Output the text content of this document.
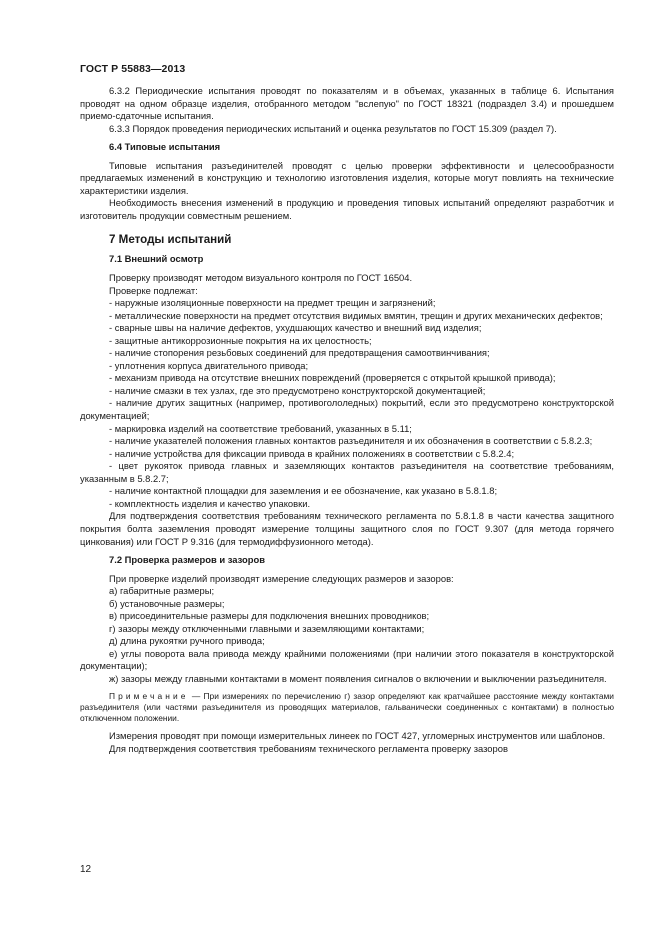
ГОСТ Р 55883—2013

6.3.2 Периодические испытания проводят по показателям и в объемах, указанных в таблице 6. Испытания проводят на одном образце изделия, отобранного методом "вслепую" по ГОСТ 18321 (подраздел 3.4) и прошедшем приемо-сдаточные испытания.

6.3.3 Порядок проведения периодических испытаний и оценка результатов по ГОСТ 15.309 (раздел 7).

6.4 Типовые испытания

Типовые испытания разъединителей проводят с целью проверки эффективности и целесообразности предлагаемых изменений в конструкцию и технологию изготовления изделия, которые могут повлиять на технические характеристики изделия.

Необходимость внесения изменений в продукцию и проведения типовых испытаний определяют разработчик и изготовитель продукции совместным решением.

7 Методы испытаний

7.1 Внешний осмотр

Проверку производят методом визуального контроля по ГОСТ 16504.

Проверке подлежат:

- наружные изоляционные поверхности на предмет трещин и загрязнений;

- металлические поверхности на предмет отсутствия видимых вмятин, трещин и других механических дефектов;

- сварные швы на наличие дефектов, ухудшающих качество и внешний вид изделия;

- защитные антикоррозионные покрытия на их целостность;

- наличие стопорения резьбовых соединений для предотвращения самоотвинчивания;

- уплотнения корпуса двигательного привода;

- механизм привода на отсутствие внешних повреждений (проверяется с открытой крышкой привода);

- наличие смазки в тех узлах, где это предусмотрено конструкторской документацией;

- наличие других защитных (например, противогололедных) покрытий, если это предусмотрено конструкторской документацией;

- маркировка изделий на соответствие требований, указанных в 5.11;

- наличие указателей положения главных контактов разъединителя и их обозначения в соответствии с 5.8.2.3;

- наличие устройства для фиксации привода в крайних положениях в соответствии с 5.8.2.4;

- цвет рукояток привода главных и заземляющих контактов разъединителя на соответствие требованиям, указанным в 5.8.2.7;

- наличие контактной площадки для заземления и ее обозначение, как указано в 5.8.1.8;

- комплектность изделия и качество упаковки.

Для подтверждения соответствия требованиям технического регламента по 5.8.1.8 в части качества защитного покрытия болта заземления проводят измерение толщины защитного слоя по ГОСТ 9.307 (для метода горячего цинкования) или ГОСТ Р 9.316 (для термодиффузионного метода).

7.2 Проверка размеров и зазоров

При проверке изделий производят измерение следующих размеров и зазоров:

а) габаритные размеры;

б) установочные размеры;

в) присоединительные размеры для подключения внешних проводников;

г) зазоры между отключенными главными и заземляющими контактами;

д) длина рукоятки ручного привода;

е) углы поворота вала привода между крайними положениями (при наличии этого показателя в конструкторской документации);

ж) зазоры между главными контактами в момент появления сигналов о включении и выключении разъединителя.

Примечание — При измерениях по перечислению г) зазор определяют как кратчайшее расстояние между контактами разъединителя (или частями разъединителя из проводящих материалов, гальванически соединенных с контактами) в полностью отключенном положении.

Измерения проводят при помощи измерительных линеек по ГОСТ 427, угломерных инструментов или шаблонов.

Для подтверждения соответствия требованиям технического регламента проверку зазоров

12
